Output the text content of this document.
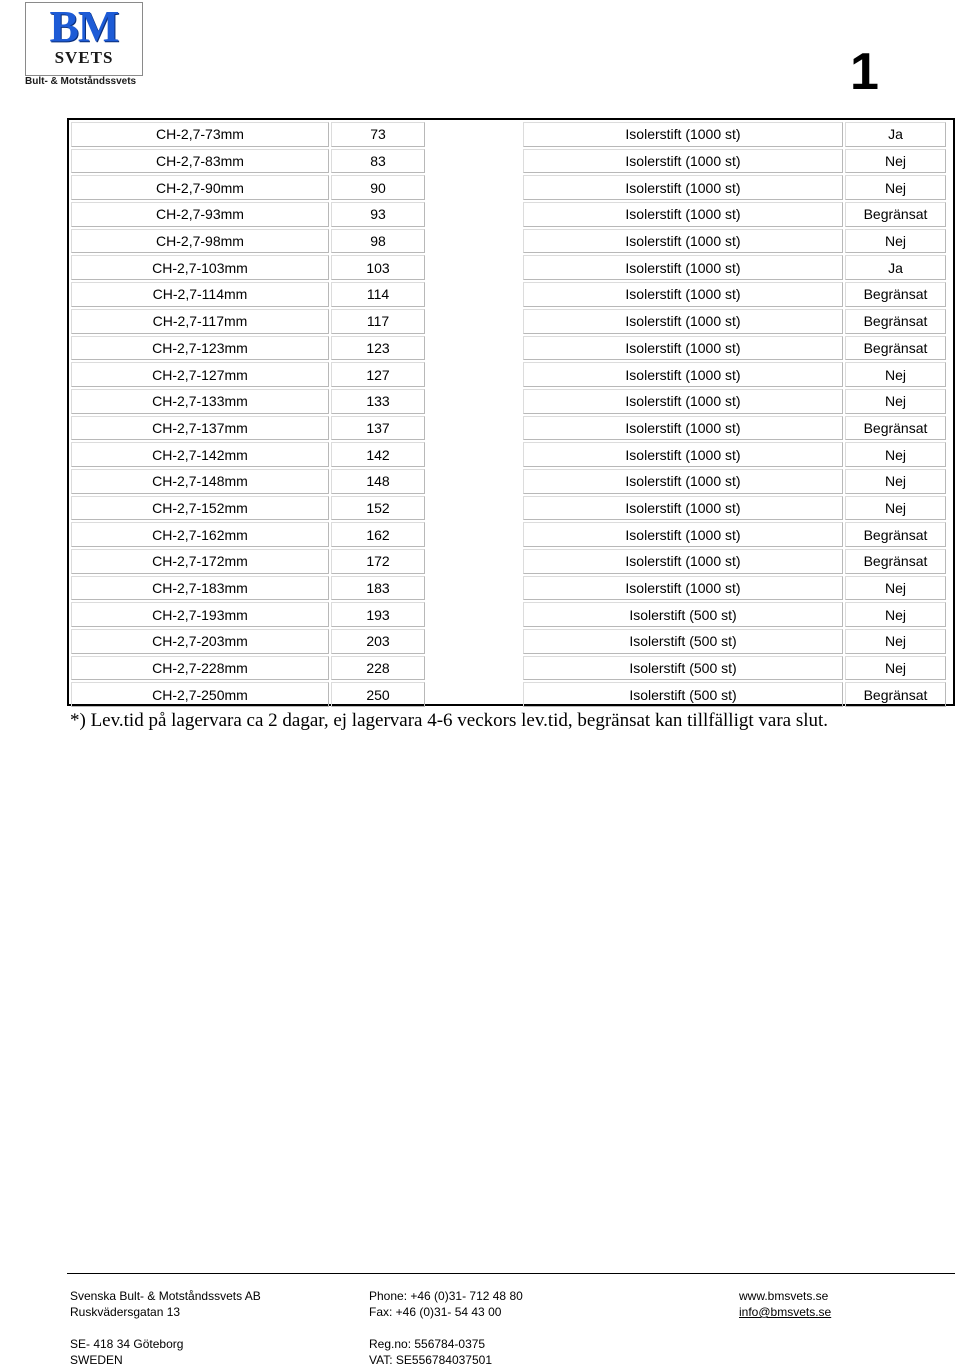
BM
SVETS
Bult- & Motståndssvets	1
CH-2,7-73mm	73		Isolerstift (1000 st)	Ja
CH-2,7-83mm	83		Isolerstift (1000 st)	Nej
CH-2,7-90mm	90		Isolerstift (1000 st)	Nej
CH-2,7-93mm	93		Isolerstift (1000 st)	Begränsat
CH-2,7-98mm	98		Isolerstift (1000 st)	Nej
CH-2,7-103mm	103		Isolerstift (1000 st)	Ja
CH-2,7-114mm	114		Isolerstift (1000 st)	Begränsat
CH-2,7-117mm	117		Isolerstift (1000 st)	Begränsat
CH-2,7-123mm	123		Isolerstift (1000 st)	Begränsat
CH-2,7-127mm	127		Isolerstift (1000 st)	Nej
CH-2,7-133mm	133		Isolerstift (1000 st)	Nej
CH-2,7-137mm	137		Isolerstift (1000 st)	Begränsat
CH-2,7-142mm	142		Isolerstift (1000 st)	Nej
CH-2,7-148mm	148		Isolerstift (1000 st)	Nej
CH-2,7-152mm	152		Isolerstift (1000 st)	Nej
CH-2,7-162mm	162		Isolerstift (1000 st)	Begränsat
CH-2,7-172mm	172		Isolerstift (1000 st)	Begränsat
CH-2,7-183mm	183		Isolerstift (1000 st)	Nej
CH-2,7-193mm	193		Isolerstift (500 st)	Nej
CH-2,7-203mm	203		Isolerstift (500 st)	Nej
CH-2,7-228mm	228		Isolerstift (500 st)	Nej
CH-2,7-250mm	250		Isolerstift (500 st)	Begränsat
*) Lev.tid på lagervara ca 2 dagar, ej lagervara 4-6 veckors lev.tid, begränsat kan tillfälligt vara slut.
Svenska Bult- & Motståndssvets AB
Ruskvädersgatan 13
SE- 418 34 Göteborg
SWEDEN
Phone: +46 (0)31- 712 48 80
Fax: +46 (0)31- 54 43 00
Reg.no: 556784-0375
VAT: SE556784037501
www.bmsvets.se
info@bmsvets.se
